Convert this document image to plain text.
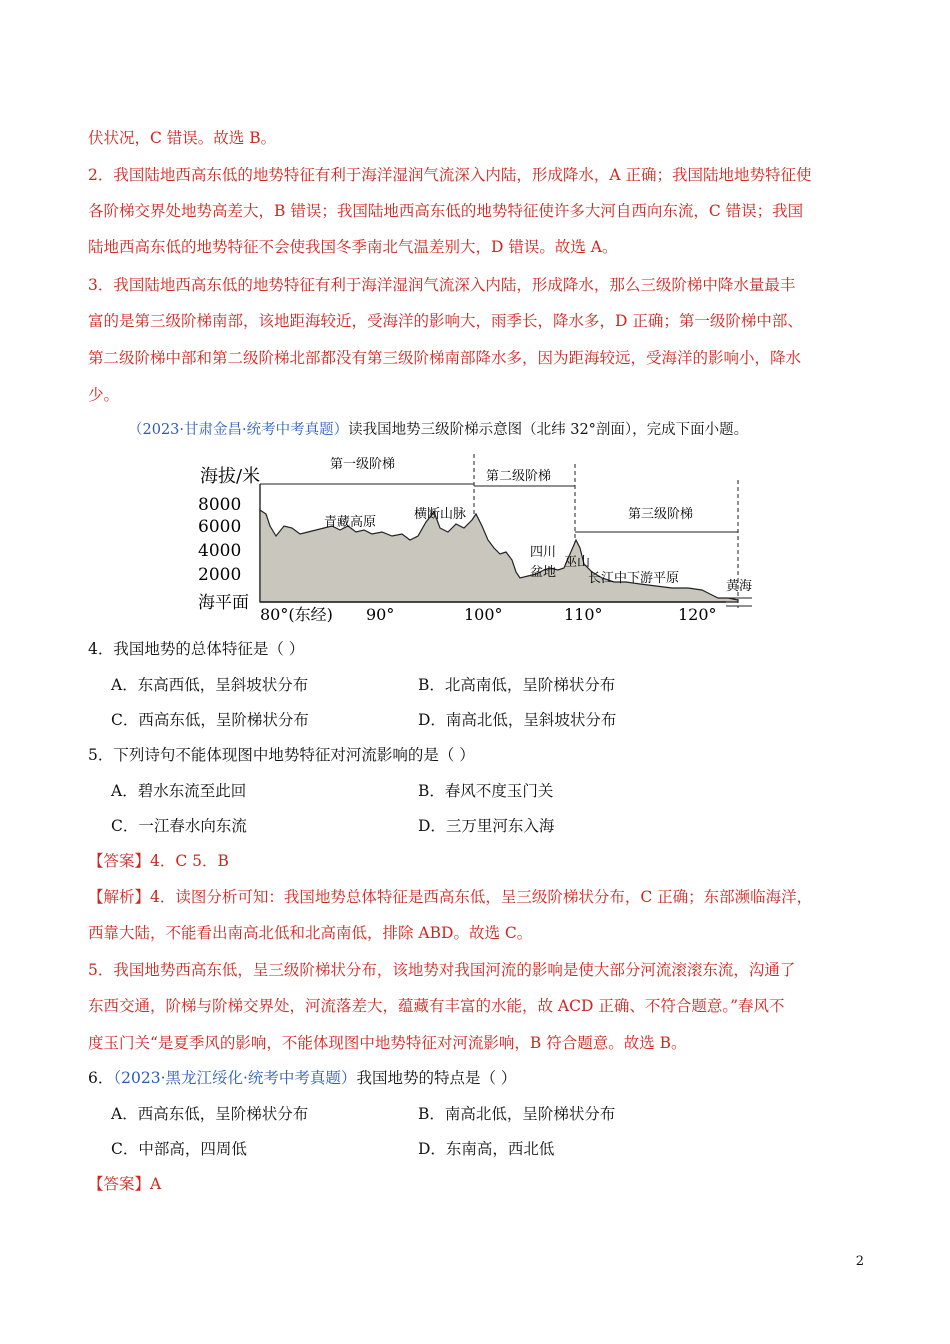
伏状况，C 错误。故选 B。
2．我国陆地西高东低的地势特征有利于海洋湿润气流深入内陆，形成降水，A 正确；我国陆地地势特征使
各阶梯交界处地势高差大，B 错误；我国陆地西高东低的地势特征使许多大河自西向东流，C 错误；我国
陆地西高东低的地势特征不会使我国冬季南北气温差别大，D 错误。故选 A。
3．我国陆地西高东低的地势特征有利于海洋湿润气流深入内陆，形成降水，那么三级阶梯中降水量最丰
富的是第三级阶梯南部，该地距海较近，受海洋的影响大，雨季长，降水多，D 正确；第一级阶梯中部、
第二级阶梯中部和第二级阶梯北部都没有第三级阶梯南部降水多，因为距海较远，受海洋的影响小，降水
少。
（2023·甘肃金昌·统考中考真题）读我国地势三级阶梯示意图（北纬 32°剖面），完成下面小题。
海拔/米
8000
6000
4000
2000
海平面
80°(东经) 90°	100°	110°	120°
第一级阶梯
第二级阶梯
第三级阶梯
青藏高原
横断山脉
四川
盆地
巫山
长江中下游平原
黄海
4．我国地势的总体特征是（ ）
A．东高西低，呈斜坡状分布	B．北高南低，呈阶梯状分布
C．西高东低，呈阶梯状分布	D．南高北低，呈斜坡状分布
5．下列诗句不能体现图中地势特征对河流影响的是（ ）
A．碧水东流至此回	B．春风不度玉门关
C．一江春水向东流	D．三万里河东入海
【答案】4．C 5．B
【解析】4．读图分析可知：我国地势总体特征是西高东低，呈三级阶梯状分布，C 正确；东部濒临海洋，
西靠大陆，不能看出南高北低和北高南低，排除 ABD。故选 C。
5．我国地势西高东低，呈三级阶梯状分布，该地势对我国河流的影响是使大部分河流滚滚东流，沟通了
东西交通，阶梯与阶梯交界处，河流落差大，蕴藏有丰富的水能，故 ACD 正确、不符合题意。”春风不
度玉门关“是夏季风的影响，不能体现图中地势特征对河流影响，B 符合题意。故选 B。
6．（2023·黑龙江绥化·统考中考真题）我国地势的特点是（ ）
A．西高东低，呈阶梯状分布	B．南高北低，呈阶梯状分布
C．中部高，四周低	D．东南高，西北低
【答案】A
2
